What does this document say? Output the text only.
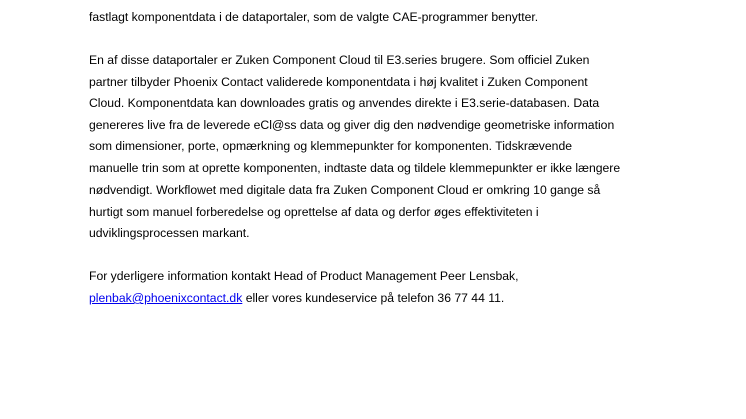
fastlagt komponentdata i de dataportaler, som de valgte CAE-programmer benytter.
En af disse dataportaler er Zuken Component Cloud til E3.series brugere. Som officiel Zuken
partner tilbyder Phoenix Contact validerede komponentdata i høj kvalitet i Zuken Component
Cloud. Komponentdata kan downloades gratis og anvendes direkte i E3.serie-databasen. Data
genereres live fra de leverede eCl@ss data og giver dig den nødvendige geometriske information
som dimensioner, porte, opmærkning og klemmepunkter for komponenten. Tidskrævende
manuelle trin som at oprette komponenten, indtaste data og tildele klemmepunkter er ikke længere
nødvendigt. Workflowet med digitale data fra Zuken Component Cloud er omkring 10 gange så
hurtigt som manuel forberedelse og oprettelse af data og derfor øges effektiviteten i
udviklingsprocessen markant.
For yderligere information kontakt Head of Product Management Peer Lensbak,
plenbak@phoenixcontact.dk eller vores kundeservice på telefon 36 77 44 11.
